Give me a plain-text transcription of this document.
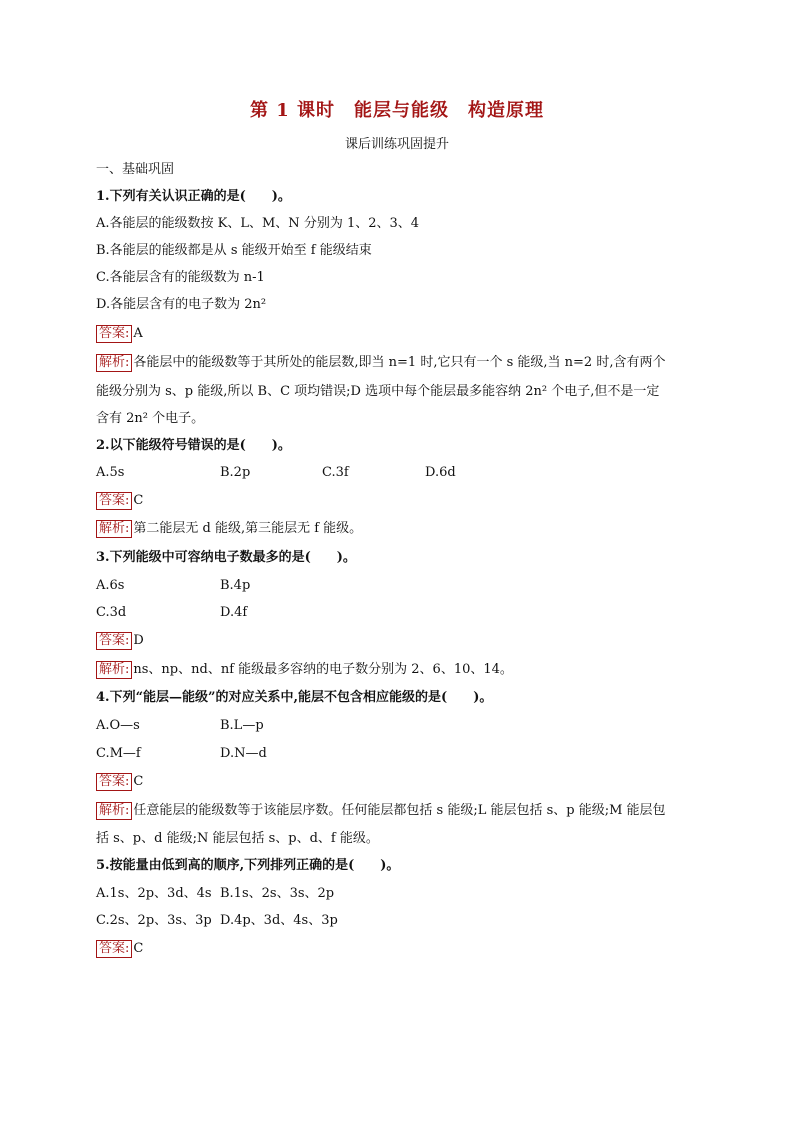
第 1 课时　能层与能级　构造原理
课后训练巩固提升
一、基础巩固
1.下列有关认识正确的是(　　)。
A.各能层的能级数按 K、L、M、N 分别为 1、2、3、4
B.各能层的能级都是从 s 能级开始至 f 能级结束
C.各能层含有的能级数为 n-1
D.各能层含有的电子数为 2n²
答案: A
解析: 各能层中的能级数等于其所处的能层数,即当 n=1 时,它只有一个 s 能级,当 n=2 时,含有两个
能级分别为 s、p 能级,所以 B、C 项均错误;D 选项中每个能层最多能容纳 2n² 个电子,但不是一定
含有 2n² 个电子。
2.以下能级符号错误的是(　　)。
A.5s	B.2p	C.3f	D.6d
答案: C
解析: 第二能层无 d 能级,第三能层无 f 能级。
3.下列能级中可容纳电子数最多的是(　　)。
A.6s	B.4p
C.3d	D.4f
答案: D
解析: ns、np、nd、nf 能级最多容纳的电子数分别为 2、6、10、14。
4.下列“能层—能级”的对应关系中,能层不包含相应能级的是(　　)。
A.O—s	B.L—p
C.M—f	D.N—d
答案: C
解析: 任意能层的能级数等于该能层序数。任何能层都包括 s 能级;L 能层包括 s、p 能级;M 能层包
括 s、p、d 能级;N 能层包括 s、p、d、f 能级。
5.按能量由低到高的顺序,下列排列正确的是(　　)。
A.1s、2p、3d、4s B.1s、2s、3s、2p
C.2s、2p、3s、3p D.4p、3d、4s、3p
答案: C
